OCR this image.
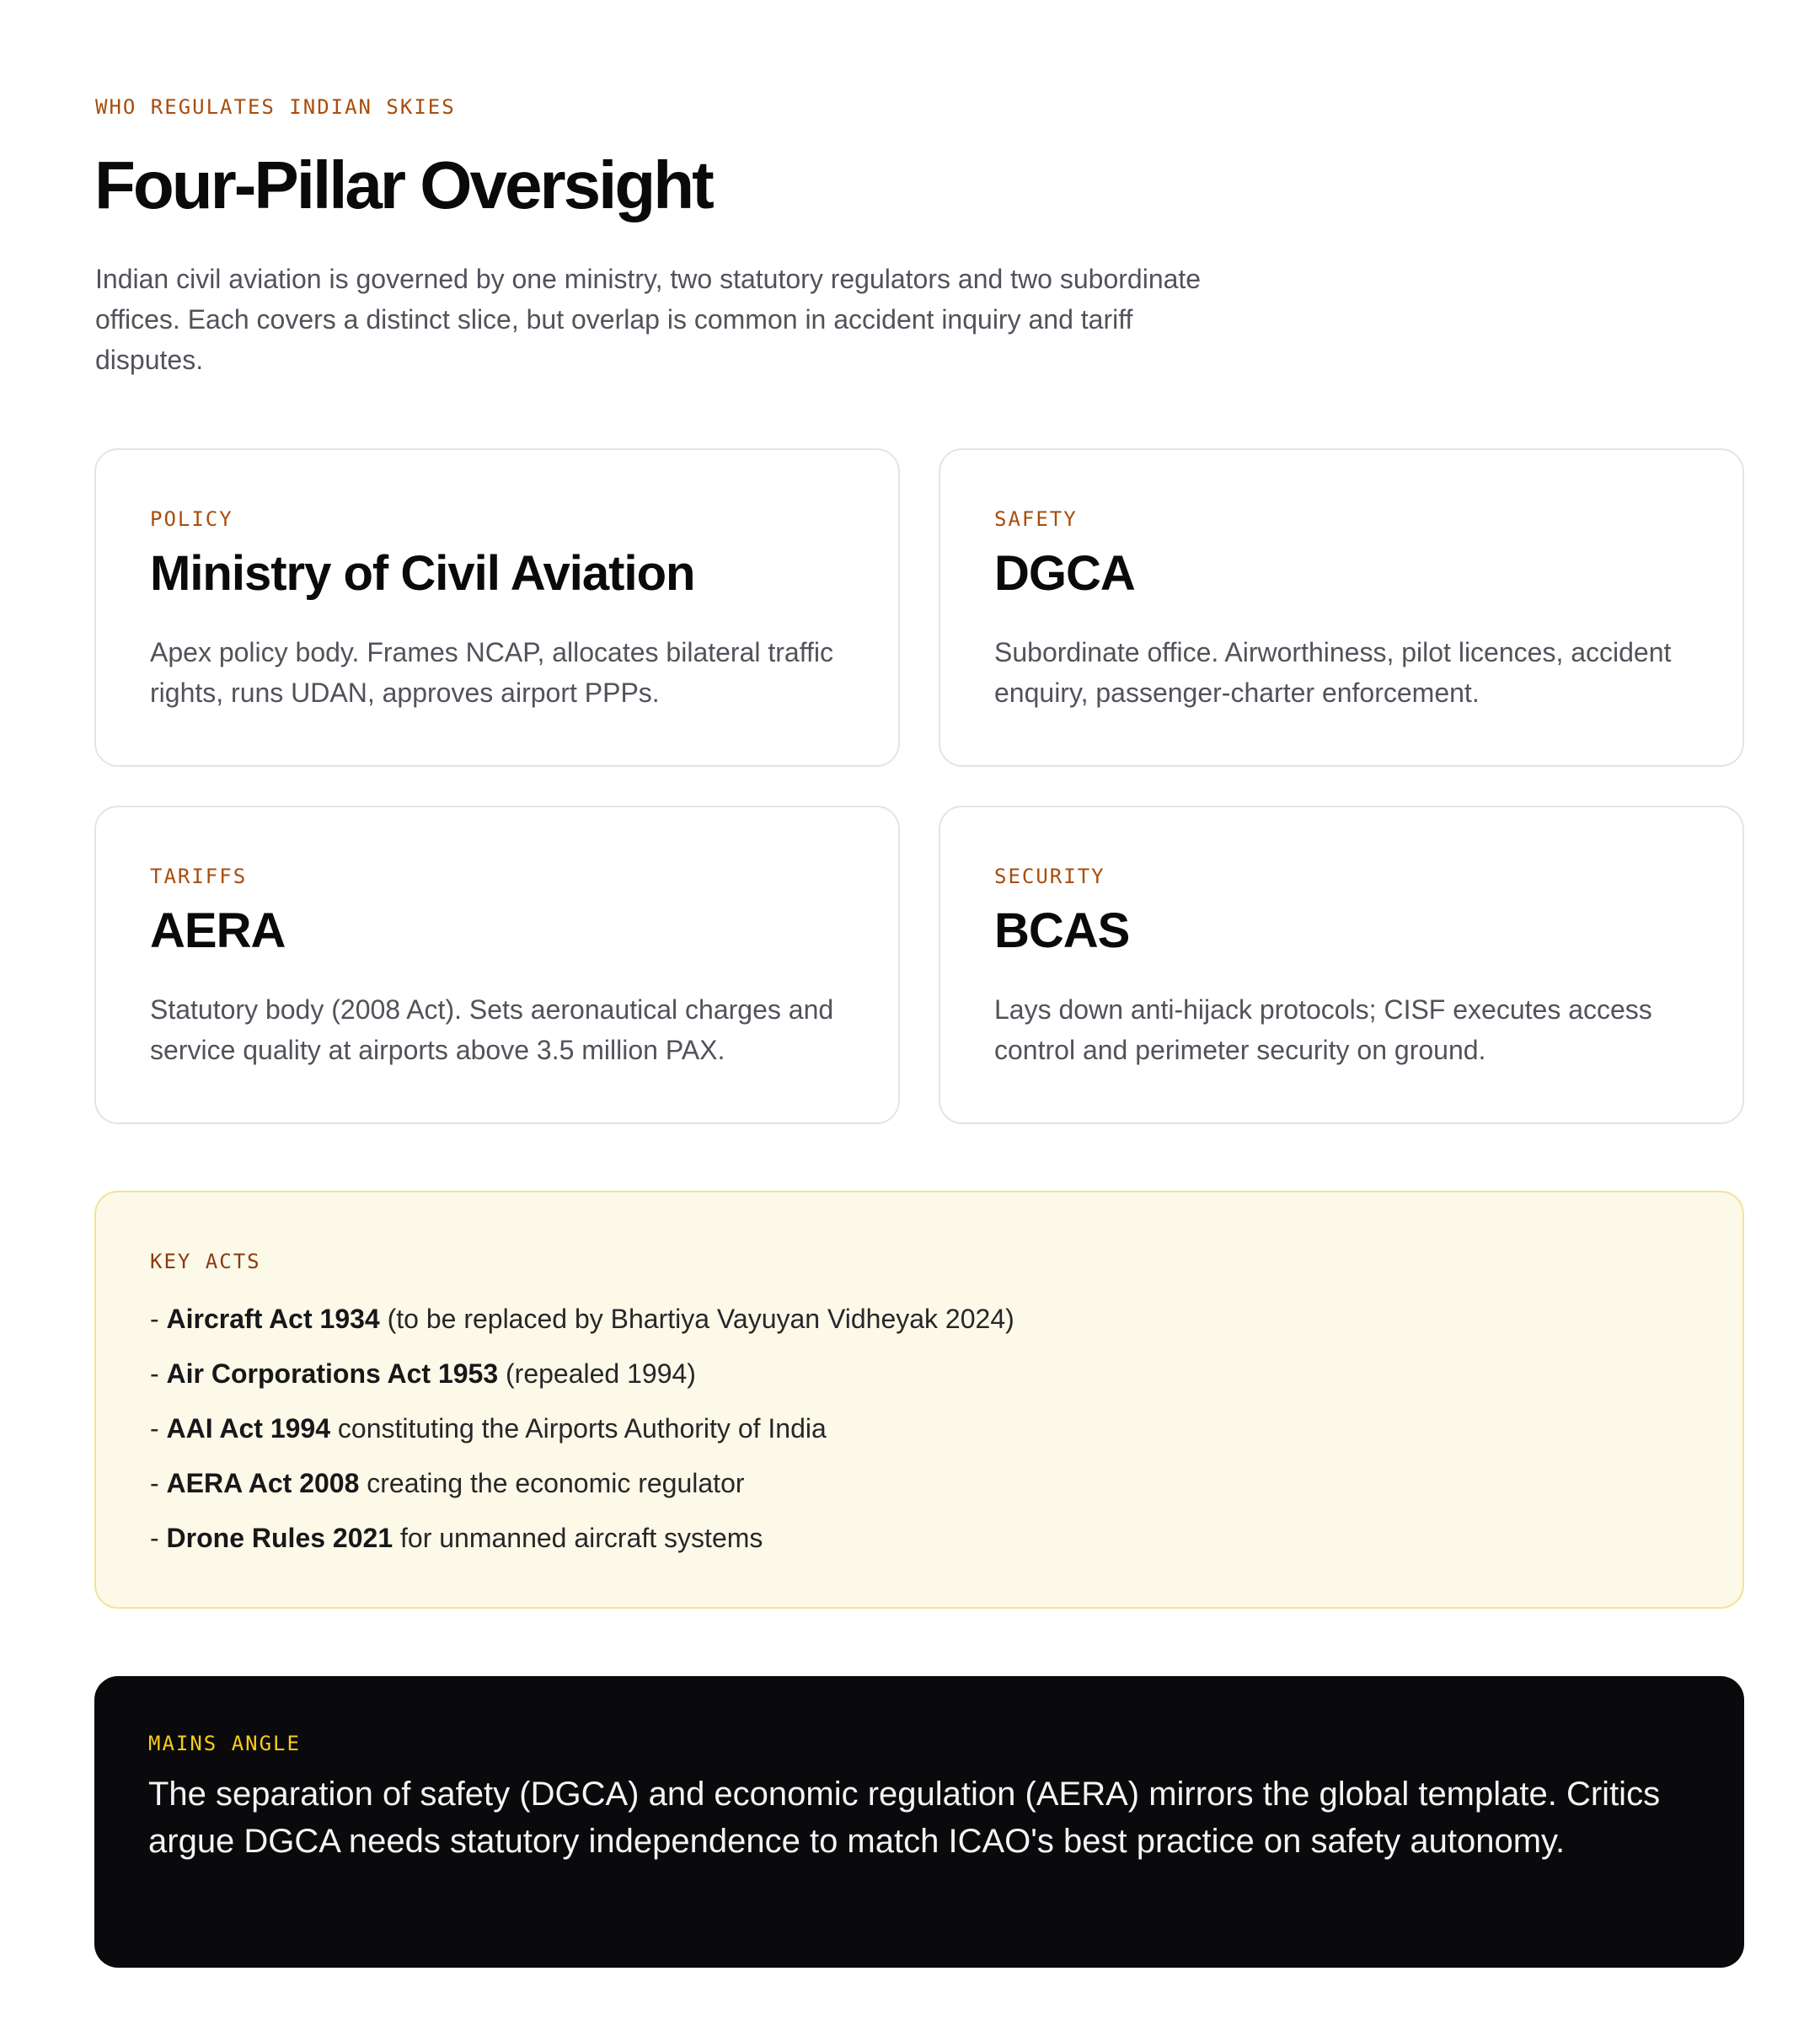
WHO REGULATES INDIAN SKIES
Four-Pillar Oversight

Indian civil aviation is governed by one ministry, two statutory regulators and two subordinate offices. Each covers a distinct slice, but overlap is common in accident inquiry and tariff disputes.

POLICY
Ministry of Civil Aviation
Apex policy body. Frames NCAP, allocates bilateral traffic rights, runs UDAN, approves airport PPPs.
SAFETY
DGCA
Subordinate office. Airworthiness, pilot licences, accident enquiry, passenger-charter enforcement.
TARIFFS
AERA
Statutory body (2008 Act). Sets aeronautical charges and service quality at airports above 3.5 million PAX.
SECURITY
BCAS
Lays down anti-hijack protocols; CISF executes access control and perimeter security on ground.
KEY ACTS
- Aircraft Act 1934 (to be replaced by Bhartiya Vayuyan Vidheyak 2024)
- Air Corporations Act 1953 (repealed 1994)
- AAI Act 1994 constituting the Airports Authority of India
- AERA Act 2008 creating the economic regulator
- Drone Rules 2021 for unmanned aircraft systems
MAINS ANGLE

The separation of safety (DGCA) and economic regulation (AERA) mirrors the global template. Critics argue DGCA needs statutory independence to match ICAO's best practice on safety autonomy.
